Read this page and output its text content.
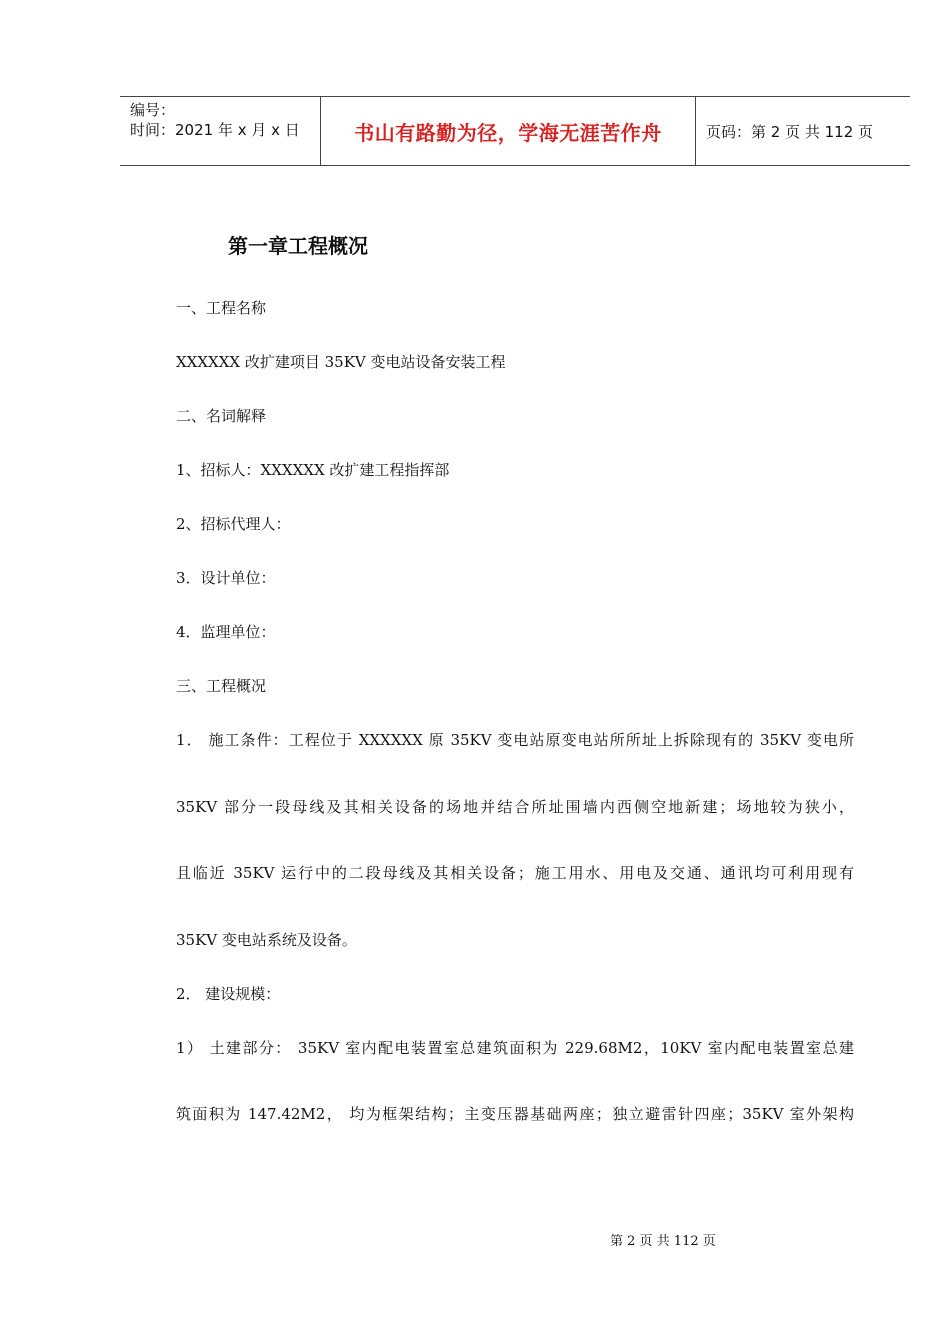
编号：
时间：2021 年 x 月 x 日	书山有路勤为径，学海无涯苦作舟	页码：第 2 页 共 112 页
第一章工程概况
一、工程名称
XXXXXX 改扩建项目 35KV 变电站设备安装工程
二、名词解释
1、招标人：XXXXXX 改扩建工程指挥部
2、招标代理人：
3．设计单位：
4．监理单位：
三、工程概况
1． 施工条件：工程位于 XXXXXX 原 35KV 变电站原变电站所所址上拆除现有的 35KV 变电所
35KV 部分一段母线及其相关设备的场地并结合所址围墙内西侧空地新建；场地较为狭小，
且临近 35KV 运行中的二段母线及其相关设备；施工用水、用电及交通、通讯均可利用现有
35KV 变电站系统及设备。
2． 建设规模：
1） 土建部分： 35KV 室内配电装置室总建筑面积为 229.68M2，10KV 室内配电装置室总建
筑面积为 147.42M2， 均为框架结构；主变压器基础两座；独立避雷针四座；35KV 室外架构
第 2 页 共 112 页
